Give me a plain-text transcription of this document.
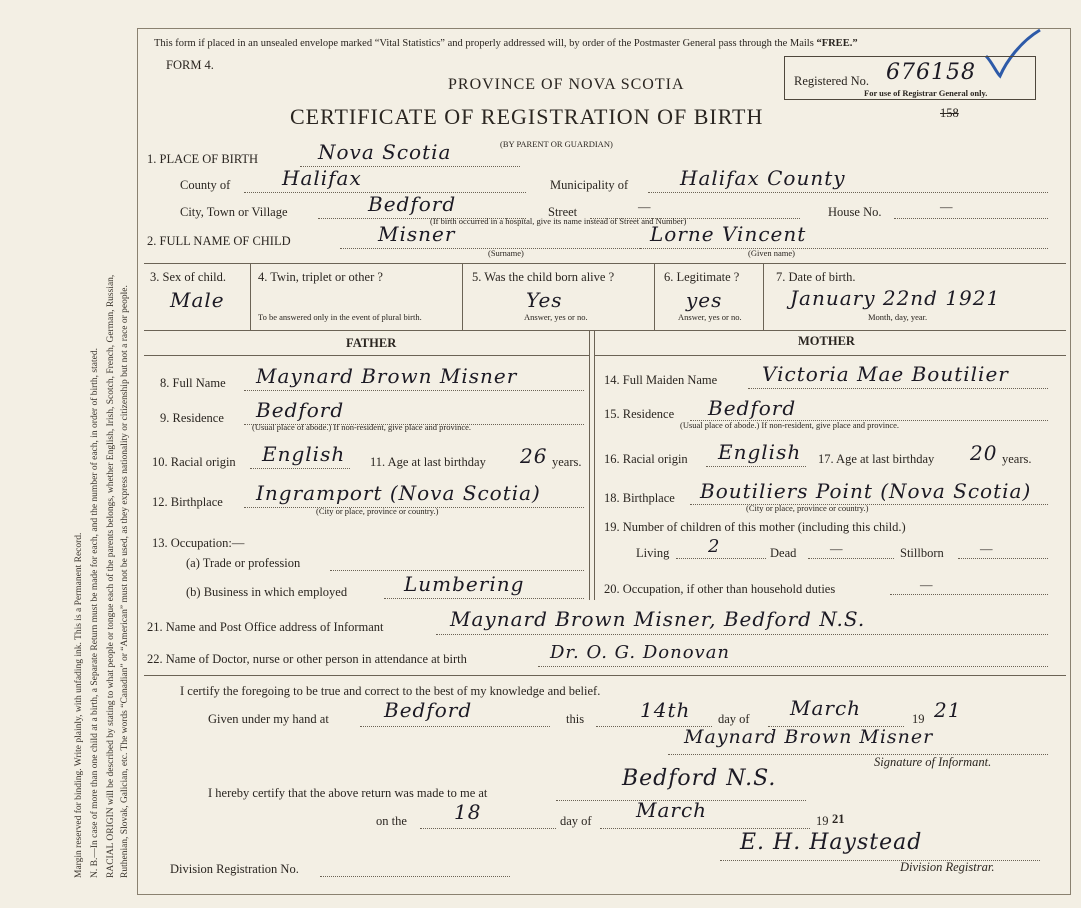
Margin reserved for binding. Write plainly, with unfading ink. This is a Permanent Record. N. B.—In case of more than one child at a birth, a Separate Return must be made for each, and the number of each, in order of birth, stated. RACIAL ORIGIN will be described by stating to what people or tongue each of the parents belongs, whether English, Irish, Scotch, French, German, Russian, Ruthenian, Slovak, Galician, etc. The words “Canadian” or “American” must not be used, as they express nationality or citizenship but not a race or people.
This form if placed in an unsealed envelope marked “Vital Statistics” and properly addressed will, by order of the Postmaster General pass through the Mails “FREE.”
FORM 4.
PROVINCE OF NOVA SCOTIA
CERTIFICATE OF REGISTRATION OF BIRTH
(BY PARENT OR GUARDIAN)
Registered No. 676158
For use of Registrar General only.
158
1. PLACE OF BIRTH	Nova Scotia
County of	Halifax	Municipality of	Halifax County
City, Town or Village	Bedford	Street	—	House No.	—
(If birth occurred in a hospital, give its name instead of Street and Number)
2. FULL NAME OF CHILD	Misner
(Surname)
Lorne Vincent
(Given name)
3. Sex of child.
Male
4. Twin, triplet or other ?
To be answered only in the event of plural birth.
5. Was the child born alive ?
Yes
Answer, yes or no.
6. Legitimate ?
yes
Answer, yes or no.
7. Date of birth.
January 22nd 1921
Month, day, year.
FATHER	MOTHER
8. Full Name Maynard Brown Misner
9. Residence Bedford
(Usual place of abode.) If non-resident, give place and province.
10. Racial origin English 11. Age at last birthday 26 years.
12. Birthplace Ingramport (Nova Scotia)
(City or place, province or country.)
13. Occupation:—
(a) Trade or profession
(b) Business in which employed	Lumbering
14. Full Maiden Name Victoria Mae Boutilier
15. Residence Bedford
(Usual place of abode.) If non-resident, give place and province.
16. Racial origin English 17. Age at last birthday 20 years.
18. Birthplace Boutiliers Point (Nova Scotia)
(City or place, province or country.)
19. Number of children of this mother (including this child.)
Living 2	Dead	—	Stillborn	—
20. Occupation, if other than household duties	—
21. Name and Post Office address of Informant	Maynard Brown Misner, Bedford N.S.
22. Name of Doctor, nurse or other person in attendance at birth	Dr. O. G. Donovan
I certify the foregoing to be true and correct to the best of my knowledge and belief.
Given under my hand at	Bedford	this	14th day of March	19 21
Maynard Brown Misner
Signature of Informant.
I hereby certify that the above return was made to me at
Bedford N.S.
on the 18	day of March	19 21
Division Registration No.
E. H. Haystead
Division Registrar.
